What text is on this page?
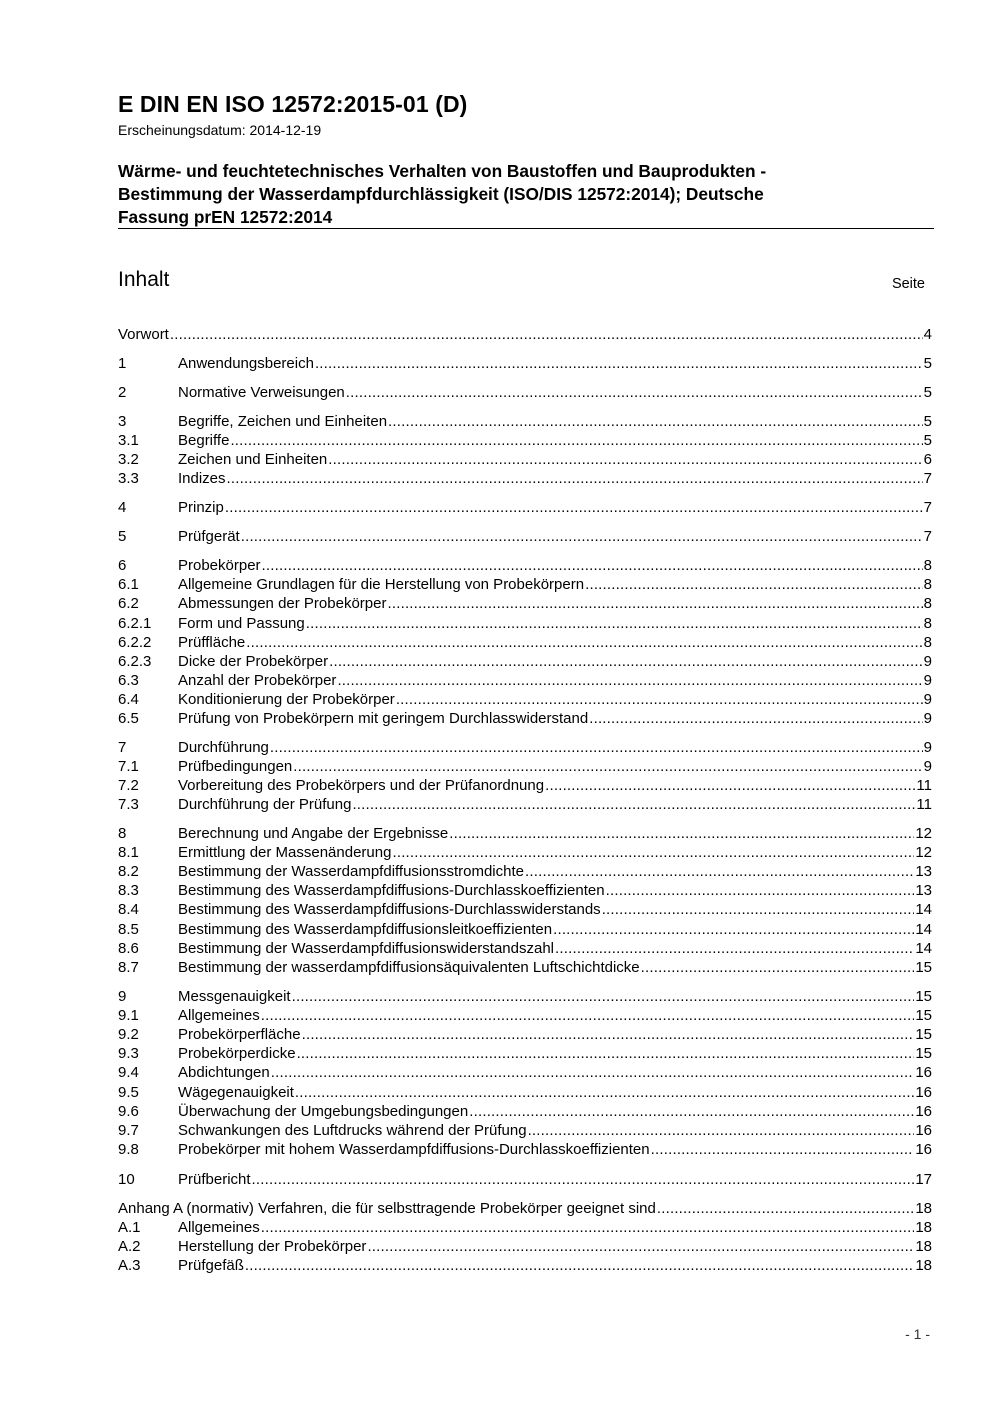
E DIN EN ISO 12572:2015-01 (D)
Erscheinungsdatum: 2014-12-19
Wärme- und feuchtetechnisches Verhalten von Baustoffen und Bauprodukten -
Bestimmung der Wasserdampfdurchlässigkeit (ISO/DIS 12572:2014); Deutsche
Fassung prEN 12572:2014
Inhalt	Seite
Vorwort .....	4
1	Anwendungsbereich .....	5
2	Normative Verweisungen .....	5
3	Begriffe, Zeichen und Einheiten .....	5
3.1	Begriffe .....	5
3.2	Zeichen und Einheiten .....	6
3.3	Indizes .....	7
4	Prinzip .....	7
5	Prüfgerät .....	7
6	Probekörper .....	8
6.1	Allgemeine Grundlagen für die Herstellung von Probekörpern .....	8
6.2	Abmessungen der Probekörper .....	8
6.2.1	Form und Passung .....	8
6.2.2	Prüffläche .....	8
6.2.3	Dicke der Probekörper .....	9
6.3	Anzahl der Probekörper .....	9
6.4	Konditionierung der Probekörper .....	9
6.5	Prüfung von Probekörpern mit geringem Durchlasswiderstand .....	9
7	Durchführung .....	9
7.1	Prüfbedingungen .....	9
7.2	Vorbereitung des Probekörpers und der Prüfanordnung .....	11
7.3	Durchführung der Prüfung .....	11
8	Berechnung und Angabe der Ergebnisse .....	12
8.1	Ermittlung der Massenänderung .....	12
8.2	Bestimmung der Wasserdampfdiffusionsstromdichte .....	13
8.3	Bestimmung des Wasserdampfdiffusions-Durchlasskoeffizienten .....	13
8.4	Bestimmung des Wasserdampfdiffusions-Durchlasswiderstands .....	14
8.5	Bestimmung des Wasserdampfdiffusionsleitkoeffizienten .....	14
8.6	Bestimmung der Wasserdampfdiffusionswiderstandszahl .....	14
8.7	Bestimmung der wasserdampfdiffusionsäquivalenten Luftschichtdicke .....	15
9	Messgenauigkeit .....	15
9.1	Allgemeines .....	15
9.2	Probekörperfläche .....	15
9.3	Probekörperdicke .....	15
9.4	Abdichtungen .....	16
9.5	Wägegenauigkeit .....	16
9.6	Überwachung der Umgebungsbedingungen .....	16
9.7	Schwankungen des Luftdrucks während der Prüfung .....	16
9.8	Probekörper mit hohem Wasserdampfdiffusions-Durchlasskoeffizienten .....	16
10	Prüfbericht .....	17
Anhang A (normativ) Verfahren, die für selbsttragende Probekörper geeignet sind .....	18
A.1	Allgemeines .....	18
A.2	Herstellung der Probekörper .....	18
A.3	Prüfgefäß .....	18
- 1 -
